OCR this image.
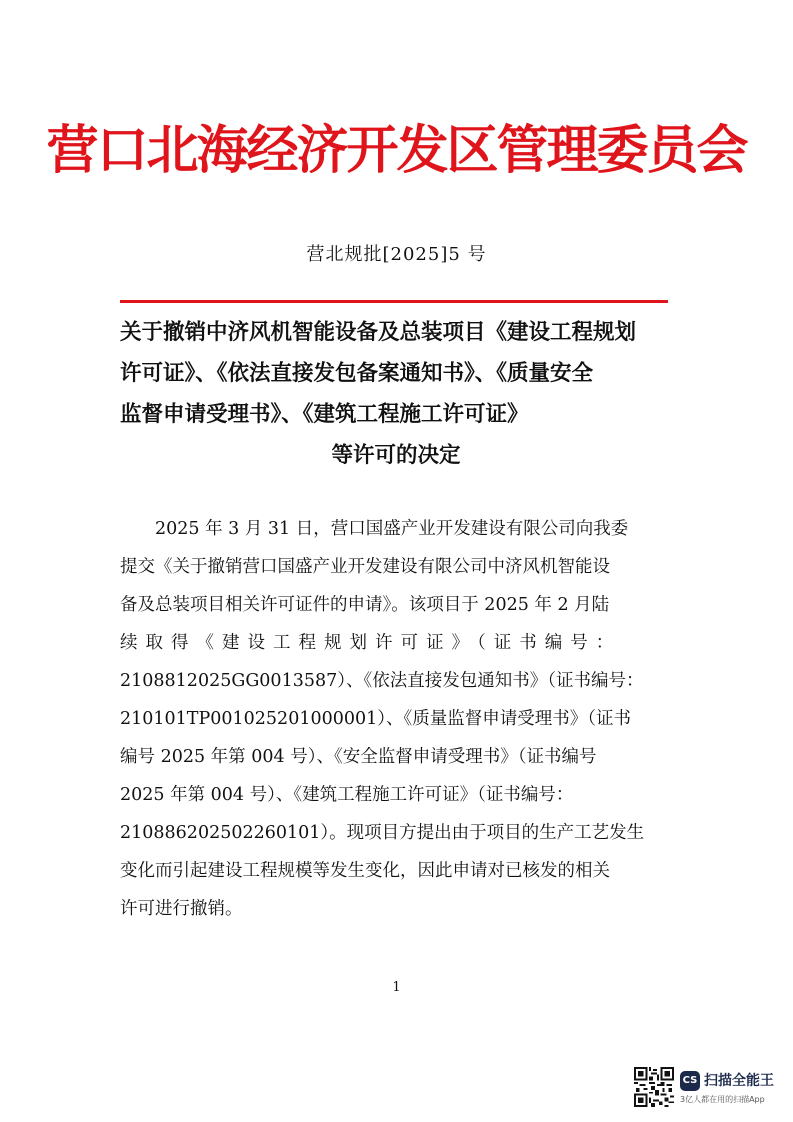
营口北海经济开发区管理委员会
营北规批[2025]5 号
关于撤销中济风机智能设备及总装项目《建设工程规划
许可证》、《依法直接发包备案通知书》、《质量安全
监督申请受理书》、《建筑工程施工许可证》
等许可的决定
2025 年 3 月 31 日，营口国盛产业开发建设有限公司向我委
提交《关于撤销营口国盛产业开发建设有限公司中济风机智能设
备及总装项目相关许可证件的申请》。该项目于 2025 年 2 月陆
续取得《建设工程规划许可证》（证书编号：
2108812025GG0013587）、《依法直接发包通知书》（证书编号：
210101TP001025201000001）、《质量监督申请受理书》（证书
编号 2025 年第 004 号）、《安全监督申请受理书》（证书编号
2025 年第 004 号）、《建筑工程施工许可证》（证书编号：
210886202502260101）。现项目方提出由于项目的生产工艺发生
变化而引起建设工程规模等发生变化，因此申请对已核发的相关
许可进行撤销。
1
CS 扫描全能王
3亿人都在用的扫描App
